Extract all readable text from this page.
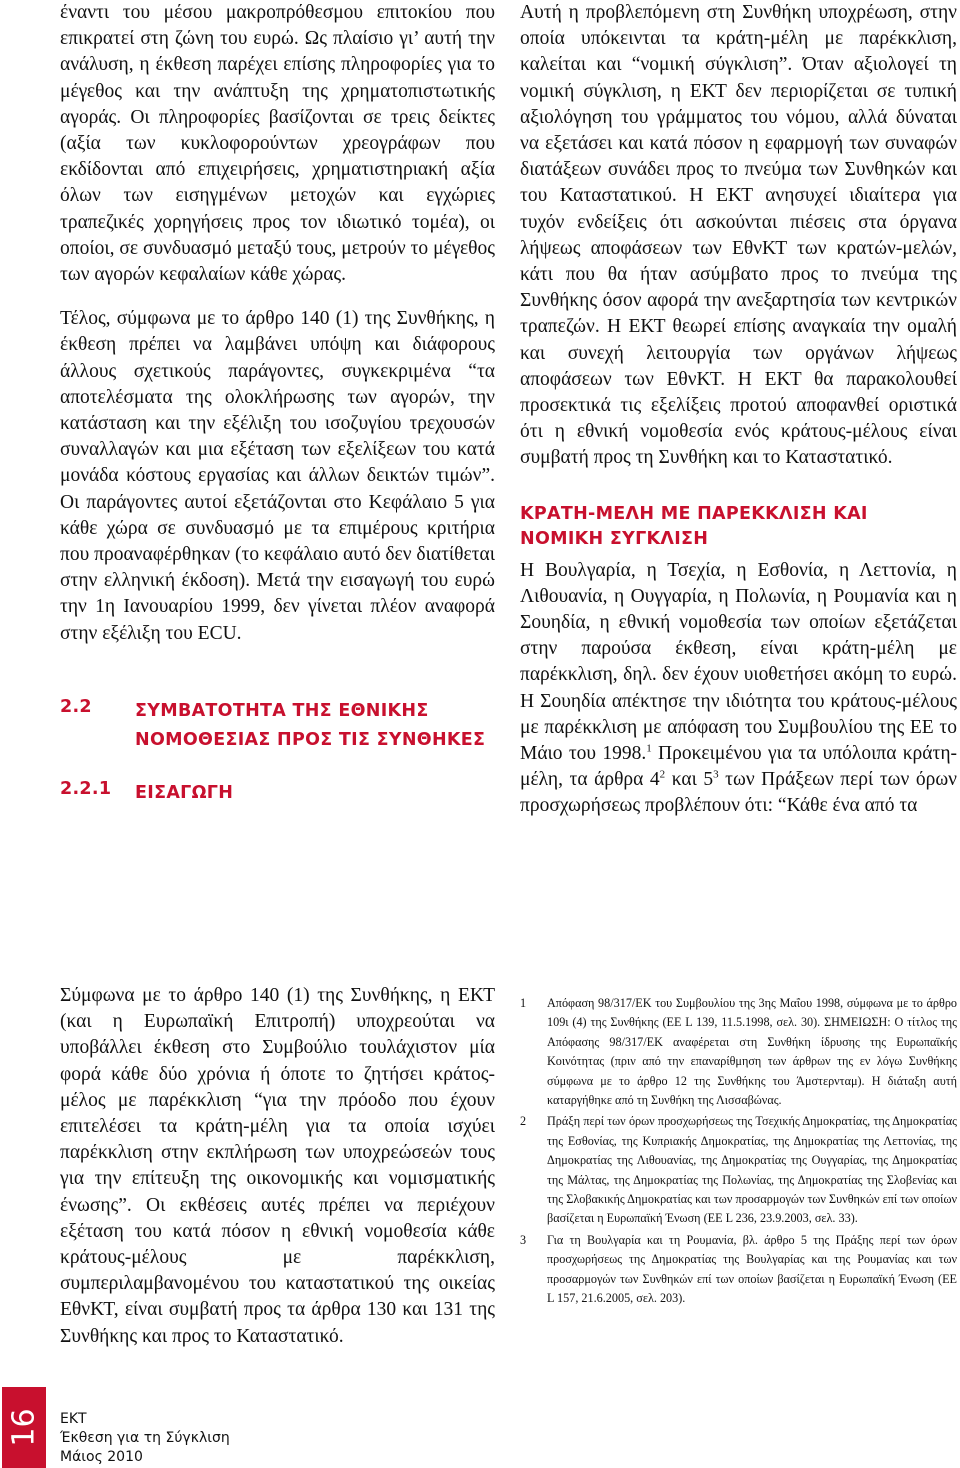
έναντι του μέσου μακροπρόθεσμου επιτοκίου που επικρατεί στη ζώνη του ευρώ. Ως πλαίσιο γι’ αυτή την ανάλυση, η έκθεση παρέχει επίσης πληροφορίες για το μέγεθος και την ανάπτυξη της χρηματοπιστωτικής αγοράς. Οι πληροφορίες βασίζονται σε τρεις δείκτες (αξία των κυκλοφορούντων χρεογράφων που εκδίδονται από επιχειρήσεις, χρηματιστηριακή αξία όλων των εισηγμένων μετοχών και εγχώριες τραπεζικές χορηγήσεις προς τον ιδιωτικό τομέα), οι οποίοι, σε συνδυασμό μεταξύ τους, μετρούν το μέγεθος των αγορών κεφαλαίων κάθε χώρας.

Τέλος, σύμφωνα με το άρθρο 140 (1) της Συνθήκης, η έκθεση πρέπει να λαμβάνει υπόψη και διάφορους άλλους σχετικούς παράγοντες, συγκεκριμένα “τα αποτελέσματα της ολοκλήρωσης των αγορών, την κατάσταση και την εξέλιξη του ισοζυγίου τρεχουσών συναλλαγών και μια εξέταση των εξελίξεων του κατά μονάδα κόστους εργασίας και άλλων δεικτών τιμών”. Οι παράγοντες αυτοί εξετάζονται στο Κεφάλαιο 5 για κάθε χώρα σε συνδυασμό με τα επιμέρους κριτήρια που προαναφέρθηκαν (το κεφάλαιο αυτό δεν διατίθεται στην ελληνική έκδοση). Μετά την εισαγωγή του ευρώ την 1η Ιανουαρίου 1999, δεν γίνεται πλέον αναφορά στην εξέλιξη του ECU.

2.2	ΣΥΜΒΑΤΟΤΗΤΑ ΤΗΣ ΕΘΝΙΚΗΣ
ΝΟΜΟΘΕΣΙΑΣ ΠΡΟΣ ΤΙΣ ΣΥΝΘΗΚΕΣ
2.2.1	ΕΙΣΑΓΩΓΗ

Σύμφωνα με το άρθρο 140 (1) της Συνθήκης, η ΕΚΤ (και η Ευρωπαϊκή Επιτροπή) υποχρεούται να υποβάλλει έκθεση στο Συμβούλιο τουλάχιστον μία φορά κάθε δύο χρόνια ή όποτε το ζητήσει κράτος-μέλος με παρέκκλιση “για την πρόοδο που έχουν επιτελέσει τα κράτη-μέλη για τα οποία ισχύει παρέκκλιση στην εκπλήρωση των υποχρεώσεών τους για την επίτευξη της οικονομικής και νομισματικής ένωσης”. Οι εκθέσεις αυτές πρέπει να περιέχουν εξέταση του κατά πόσον η εθνική νομοθεσία κάθε κράτους-μέλους με παρέκκλιση, συμπεριλαμβανομένου του καταστατικού της οικείας ΕθνΚΤ, είναι συμβατή προς τα άρθρα 130 και 131 της Συνθήκης και προς το Καταστατικό.

Αυτή η προβλεπόμενη στη Συνθήκη υποχρέωση, στην οποία υπόκεινται τα κράτη-μέλη με παρέκκλιση, καλείται και “νομική σύγκλιση”. Όταν αξιολογεί τη νομική σύγκλιση, η ΕΚΤ δεν περιορίζεται σε τυπική αξιολόγηση του γράμματος του νόμου, αλλά δύναται να εξετάσει και κατά πόσον η εφαρμογή των συναφών διατάξεων συνάδει προς το πνεύμα των Συνθηκών και του Καταστατικού. Η ΕΚΤ ανησυχεί ιδιαίτερα για τυχόν ενδείξεις ότι ασκούνται πιέσεις στα όργανα λήψεως αποφάσεων των ΕθνΚΤ των κρατών-μελών, κάτι που θα ήταν ασύμβατο προς το πνεύμα της Συνθήκης όσον αφορά την ανεξαρτησία των κεντρικών τραπεζών. Η ΕΚΤ θεωρεί επίσης αναγκαία την ομαλή και συνεχή λειτουργία των οργάνων λήψεως αποφάσεων των ΕθνΚΤ. Η ΕΚΤ θα παρακολουθεί προσεκτικά τις εξελίξεις προτού αποφανθεί οριστικά ότι η εθνική νομοθεσία ενός κράτους-μέλους είναι συμβατή προς τη Συνθήκη και το Καταστατικό.

ΚΡΑΤΗ-ΜΕΛΗ ΜΕ ΠΑΡΕΚΚΛΙΣΗ ΚΑΙ ΝΟΜΙΚΗ ΣΥΓΚΛΙΣΗ

Η Βουλγαρία, η Τσεχία, η Εσθονία, η Λεττονία, η Λιθουανία, η Ουγγαρία, η Πολωνία, η Ρουμανία και η Σουηδία, η εθνική νομοθεσία των οποίων εξετάζεται στην παρούσα έκθεση, είναι κράτη-μέλη με παρέκκλιση, δηλ. δεν έχουν υιοθετήσει ακόμη το ευρώ. Η Σουηδία απέκτησε την ιδιότητα του κράτους-μέλους με παρέκκλιση με απόφαση του Συμβουλίου της ΕΕ το Μάιο του 1998.$^1$ Προκειμένου για τα υπόλοιπα κράτη-μέλη, τα άρθρα $4^2$ και $5^3$ των Πράξεων περί των όρων προσχωρήσεως προβλέπουν ότι: “Κάθε ένα από τα

1	Απόφαση 98/317/ΕΚ του Συμβουλίου της 3ης Μαΐου 1998, σύμφωνα με το άρθρο 109ι (4) της Συνθήκης (ΕΕ L 139, 11.5.1998, σελ. 30). ΣΗΜΕΙΩΣΗ: Ο τίτλος της Απόφασης 98/317/ΕΚ αναφέρεται στη Συνθήκη ίδρυσης της Ευρωπαϊκής Κοινότητας (πριν από την επαναρίθμηση των άρθρων της εν λόγω Συνθήκης σύμφωνα με το άρθρο 12 της Συνθήκης του Άμστερνταμ). Η διάταξη αυτή καταργήθηκε από τη Συνθήκη της Λισσαβώνας.
2	Πράξη περί των όρων προσχωρήσεως της Τσεχικής Δημοκρατίας, της Δημοκρατίας της Εσθονίας, της Κυπριακής Δημοκρατίας, της Δημοκρατίας της Λεττονίας, της Δημοκρατίας της Λιθουανίας, της Δημοκρατίας της Ουγγαρίας, της Δημοκρατίας της Μάλτας, της Δημοκρατίας της Πολωνίας, της Δημοκρατίας της Σλοβενίας και της Σλοβακικής Δημοκρατίας και των προσαρμογών των Συνθηκών επί των οποίων βασίζεται η Ευρωπαϊκή Ένωση (ΕΕ L 236, 23.9.2003, σελ. 33).
3	Για τη Βουλγαρία και τη Ρουμανία, βλ. άρθρο 5 της Πράξης περί των όρων προσχωρήσεως της Δημοκρατίας της Βουλγαρίας και της Ρουμανίας και των προσαρμογών των Συνθηκών επί των οποίων βασίζεται η Ευρωπαϊκή Ένωση (ΕΕ L 157, 21.6.2005, σελ. 203).
16 ΕΚΤ
Έκθεση για τη Σύγκλιση
Μάιος 2010
